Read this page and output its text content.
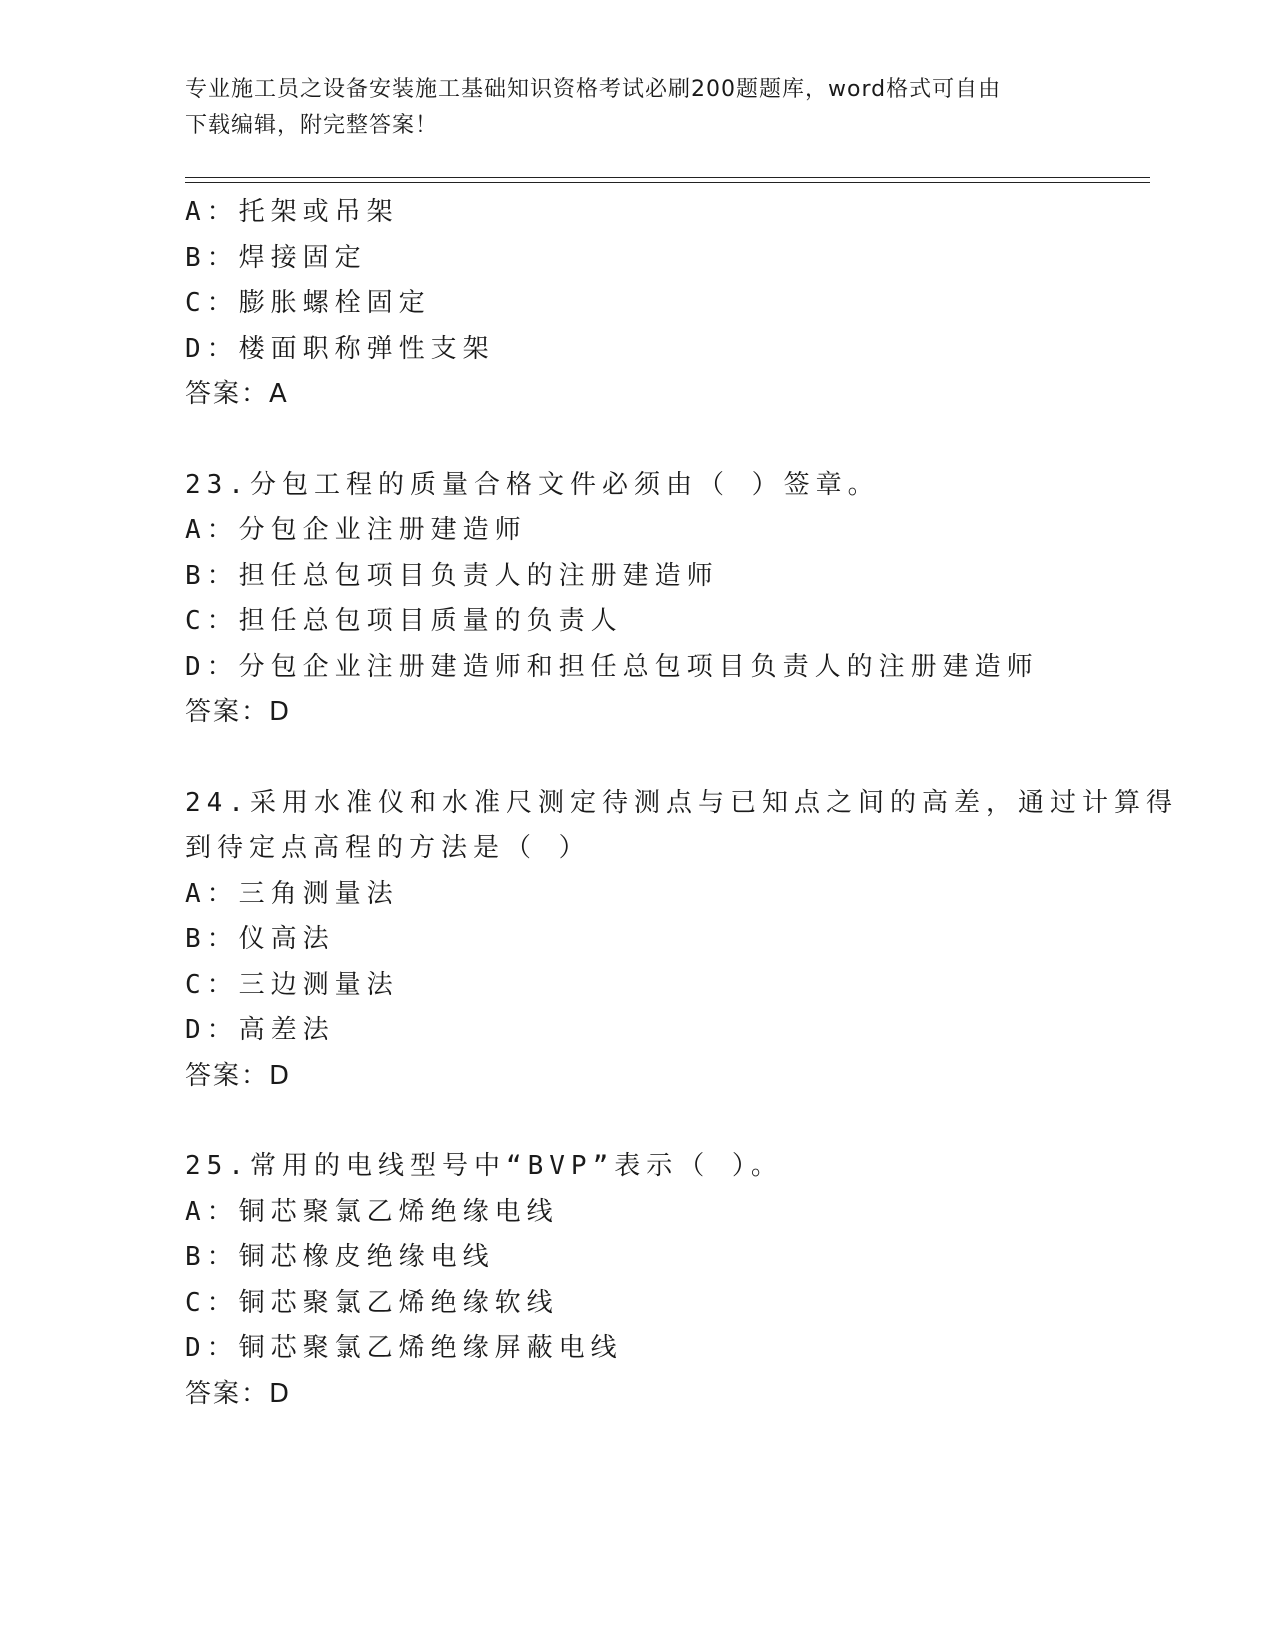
专业施工员之设备安装施工基础知识资格考试必刷200题题库，word格式可自由
下载编辑，附完整答案！
A：托架或吊架
B：焊接固定
C：膨胀螺栓固定
D：楼面职称弹性支架
答案：A
23.分包工程的质量合格文件必须由（ ）签章。
A：分包企业注册建造师
B：担任总包项目负责人的注册建造师
C：担任总包项目质量的负责人
D：分包企业注册建造师和担任总包项目负责人的注册建造师
答案：D
24.采用水准仪和水准尺测定待测点与已知点之间的高差，通过计算得
到待定点高程的方法是（ ）
A：三角测量法
B：仪高法
C：三边测量法
D：高差法
答案：D
25.常用的电线型号中“BVP”表示（ ）。
A：铜芯聚氯乙烯绝缘电线
B：铜芯橡皮绝缘电线
C：铜芯聚氯乙烯绝缘软线
D：铜芯聚氯乙烯绝缘屏蔽电线
答案：D
